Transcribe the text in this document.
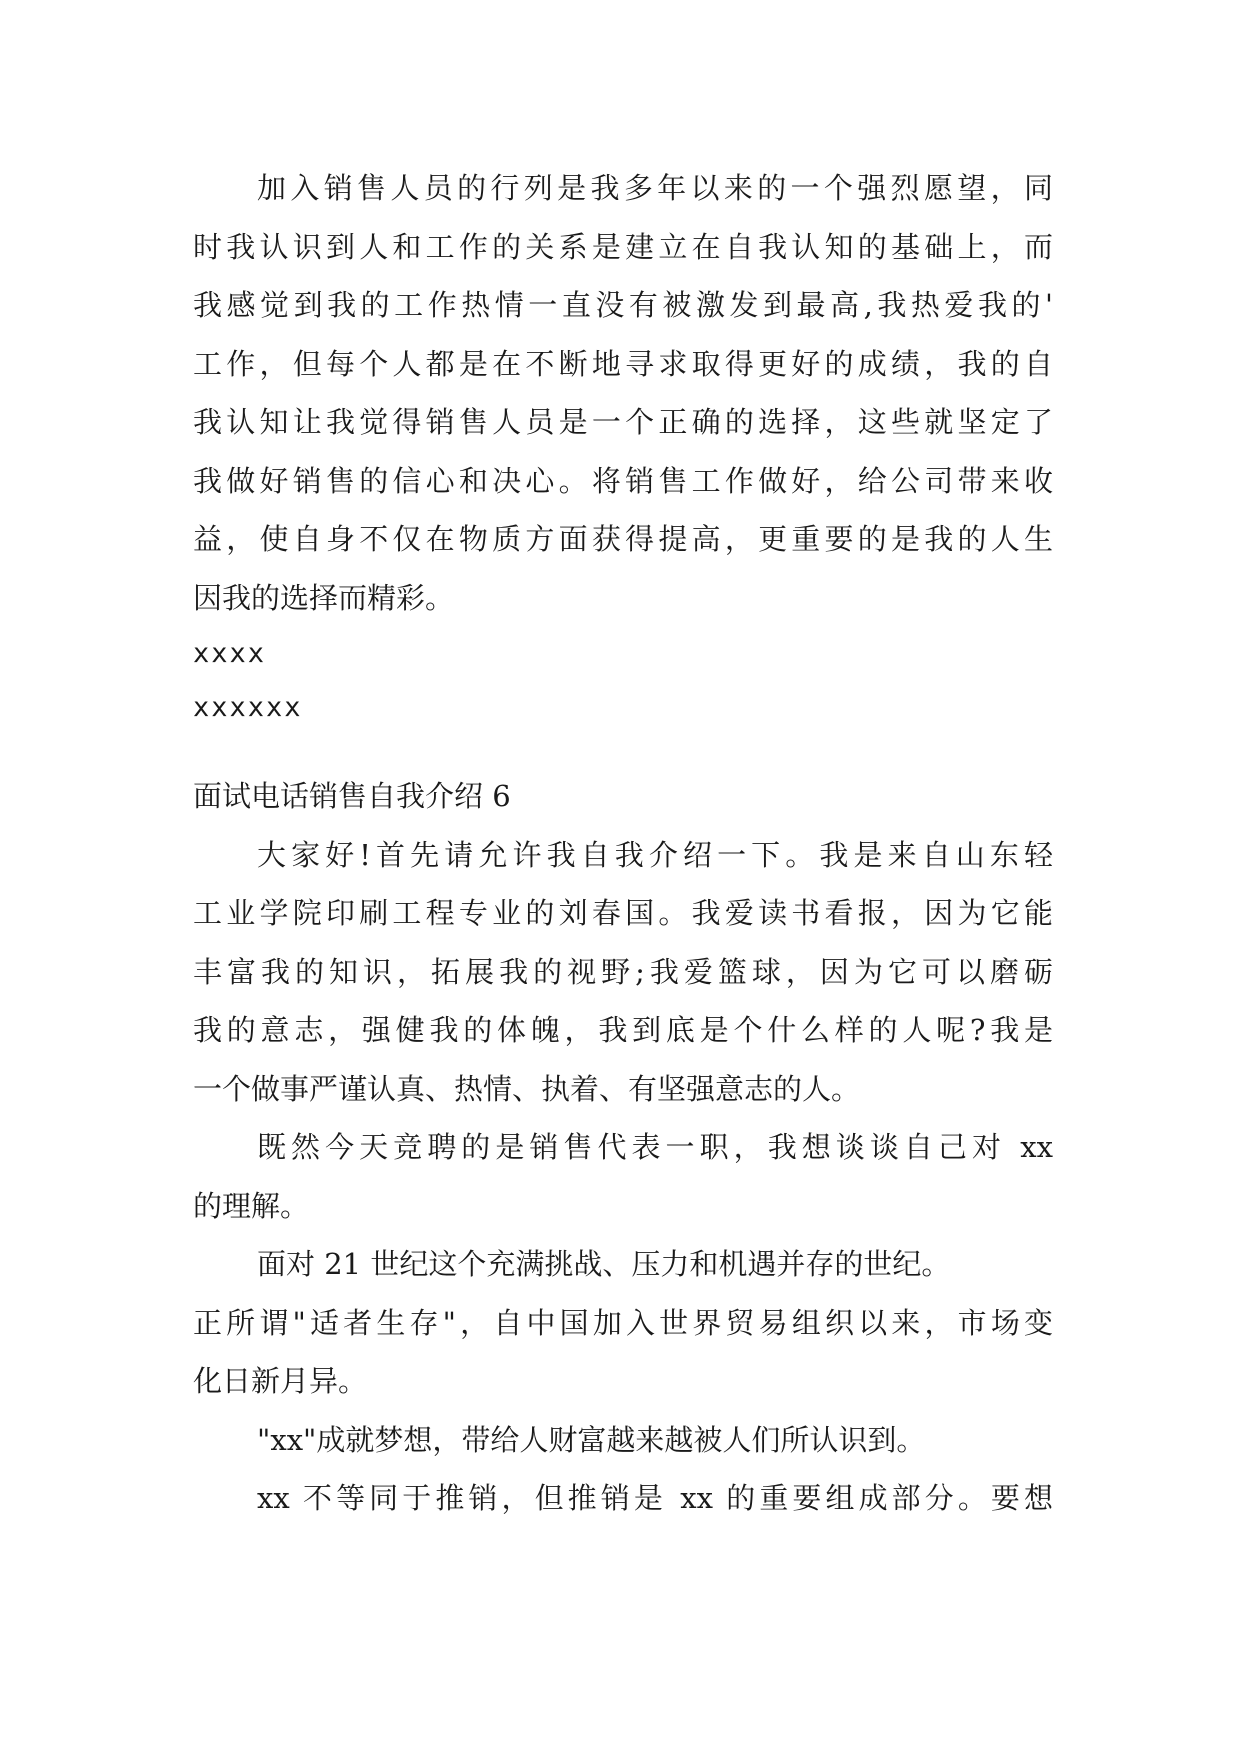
加入销售人员的行列是我多年以来的一个强烈愿望，同
时我认识到人和工作的关系是建立在自我认知的基础上，而
我感觉到我的工作热情一直没有被激发到最高,我热爱我的'
工作，但每个人都是在不断地寻求取得更好的成绩，我的自
我认知让我觉得销售人员是一个正确的选择，这些就坚定了
我做好销售的信心和决心。将销售工作做好，给公司带来收
益，使自身不仅在物质方面获得提高，更重要的是我的人生
因我的选择而精彩。
xxxx
xxxxxx
面试电话销售自我介绍 6
大家好!首先请允许我自我介绍一下。我是来自山东轻
工业学院印刷工程专业的刘春国。我爱读书看报，因为它能
丰富我的知识，拓展我的视野;我爱篮球，因为它可以磨砺
我的意志，强健我的体魄，我到底是个什么样的人呢?我是
一个做事严谨认真、热情、执着、有坚强意志的人。
既然今天竞聘的是销售代表一职，我想谈谈自己对 xx
的理解。
面对 21 世纪这个充满挑战、压力和机遇并存的世纪。
正所谓"适者生存"，自中国加入世界贸易组织以来，市场变
化日新月异。
"xx"成就梦想，带给人财富越来越被人们所认识到。
xx 不等同于推销，但推销是 xx 的重要组成部分。要想
